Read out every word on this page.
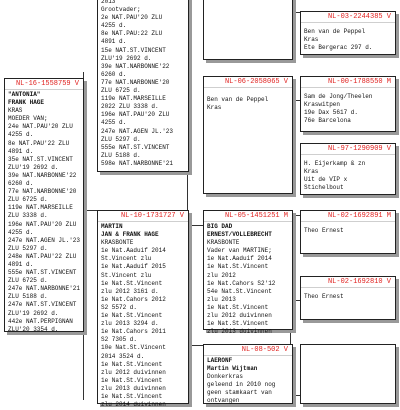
2013
Grootvader;
2e NAT.PAU'20 ZLU
4255 d.
8e NAT.PAU:22 ZLU
4891 d.
15e NAT.ST.VINCENT
ZLU'19 2692 d.
39e NAT.NARBONNE'22
6260 d.
77e NAT.NARBONNE'20
ZLU 6725 d.
119e NAT.MARSEILLE
2022 ZLU 3338 d.
196e NAT.PAU'20 ZLU
4255 d.
247e NAT.AGEN JL.'23
ZLU 5297 d.
555e NAT.ST.VINCENT
ZLU 5188 d.
598e NAT.NARBONNE'21
NL-16-1558759 V
"ANTONIA"
FRANK HAGE
KRAS
MOEDER VAN;
24e NAT.PAU'20 ZLU
4255 d.
8e NAT.PAU'22 ZLU
4891 d.
35e NAT.ST.VINCENT
ZLU'19 2692 d.
39e NAT.NARBONNE'22
6260 d.
77e NAT.NARBONNE'20
ZLU 6725 d.
119e NAT.MARSEILLE
ZLU 3338 d.
196e NAT.PAU'20 ZLU
4255 d.
247e NAT.AGEN JL.'23
ZLU 5297 d.
248e NAT.PAU'22 ZLU
4891 d.
555e NAT.ST.VINCENT
ZLU 6725 d.
247e NAT.NARBONNE'21
ZLU 5188 d.
247e NAT.ST.VINCENT
ZLU'19 2692 d.
442e NAT.PERPIGNAN
ZLU'20 3354 d.
NL-10-1731727 V
MARTIN
JAN & FRANK HAGE
KRASBONTE
1e Nat.Aaduif 2014
St.Vincent zlu
1e Nat.Aaduif 2015
St.Vincent zlu
1e Nat.St.Vincent
zlu 2012 3161 d.
1e Nat.Cahors 2012
S2 5572 d.
1e Nat.St.Vincent
zlu 2013 3294 d.
1e Nat.Cahors 2011
S2 7305 d.
10e Nat.St.Vincent
2014 3524 d.
1e Nat.St.Vincent
zlu 2012 duivinnen
1e Nat.St.Vincent
zlu 2013 duivinnen
1e Nat.St.Vincent
zlu 2014 duivinnen
NL-05-1451251 M
BIG DAD
ERNEST/VOLLEBRECHT
KRASBONTE
Vader van MARTINE;
1e Nat.Aaduif 2014
1e Nat.St.Vincent
zlu 2012
1e Nat.Cahors S2'12
54e Nat.St.Vincent
zlu 2013
1e Nat.St.Vincent
zlu 2012 duivinnen
1e Nat.St.Vincent
zlu 2013 duivinnen
NL-08-502 V
LAERONF
Martin Wijtman
Donkerkras
geleend in 2010 nog
geen stamkaart van
ontvangen
NL-06-2058065 V
Ben van de Peppel
Kras
NL-03-2244385 V
Ben van de Peppel
Kras
Ete Bergerac 297 d.
NL-00-1788550 M
Sam de Jong/Theelen
Kraswitpen
19e Dax 5617 d.
76e Barcelona
NL-97-1290909 V
H. Eijerkamp & zn
Kras
Uit de VIP x
Stichelbout
NL-02-1692891 M
Theo Ernest
NL-02-1692810 V
Theo Ernest
